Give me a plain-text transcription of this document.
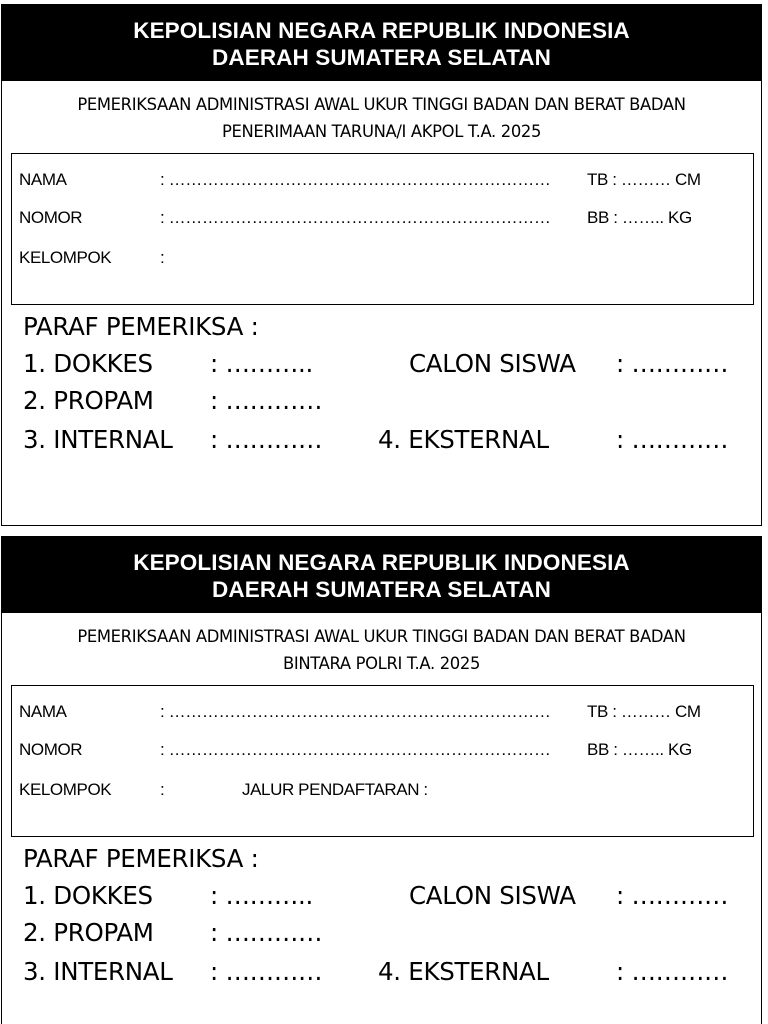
KEPOLISIAN NEGARA REPUBLIK INDONESIA
DAERAH SUMATERA SELATAN
PEMERIKSAAN ADMINISTRASI AWAL UKUR TINGGI BADAN DAN BERAT BADAN
PENERIMAAN TARUNA/I AKPOL T.A. 2025
NAMA	: …………………………………………………………… TB : ……… CM
NOMOR	: …………………………………………………………… BB : …….. KG
KELOMPOK	:
PARAF PEMERIKSA :
1. DOKKES : ………..	CALON SISWA : …………
2. PROPAM : …………
3. INTERNAL : ………… 4. EKSTERNAL	: …………
KEPOLISIAN NEGARA REPUBLIK INDONESIA
DAERAH SUMATERA SELATAN
PEMERIKSAAN ADMINISTRASI AWAL UKUR TINGGI BADAN DAN BERAT BADAN
BINTARA POLRI T.A. 2025
NAMA	: …………………………………………………………… TB : ……… CM
NOMOR	: …………………………………………………………… BB : …….. KG
KELOMPOK	:	JALUR PENDAFTARAN :
PARAF PEMERIKSA :
1. DOKKES : ………..	CALON SISWA : …………
2. PROPAM : …………
3. INTERNAL : ………… 4. EKSTERNAL	: …………
